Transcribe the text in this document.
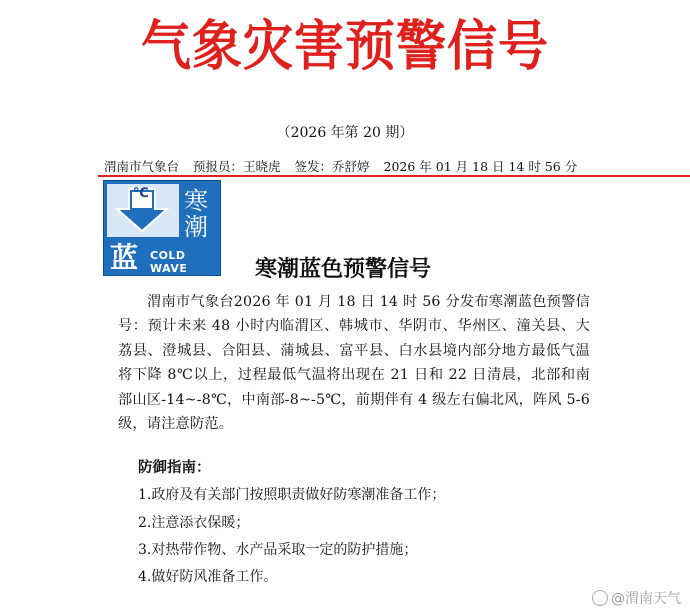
气象灾害预警信号
（2026 年第 20 期）
渭南市气象台 预报员：王晓虎 签发：乔舒婷 2026 年 01 月 18 日 14 时 56 分
℃ 寒
潮
蓝 COLD WAVE	寒潮蓝色预警信号
渭南市气象台2026 年 01 月 18 日 14 时 56 分发布寒潮蓝色预警信号：预计未来 48 小时内临渭区、韩城市、华阴市、华州区、潼关县、大荔县、澄城县、合阳县、蒲城县、富平县、白水县境内部分地方最低气温将下降 8℃以上，过程最低气温将出现在 21 日和 22 日清晨，北部和南部山区-14~-8℃，中南部-8~-5℃，前期伴有 4 级左右偏北风，阵风 5-6 级，请注意防范。
防御指南：
1.政府及有关部门按照职责做好防寒潮准备工作；
2.注意添衣保暖；
3.对热带作物、水产品采取一定的防护措施；
4.做好防风准备工作。
@渭南天气
